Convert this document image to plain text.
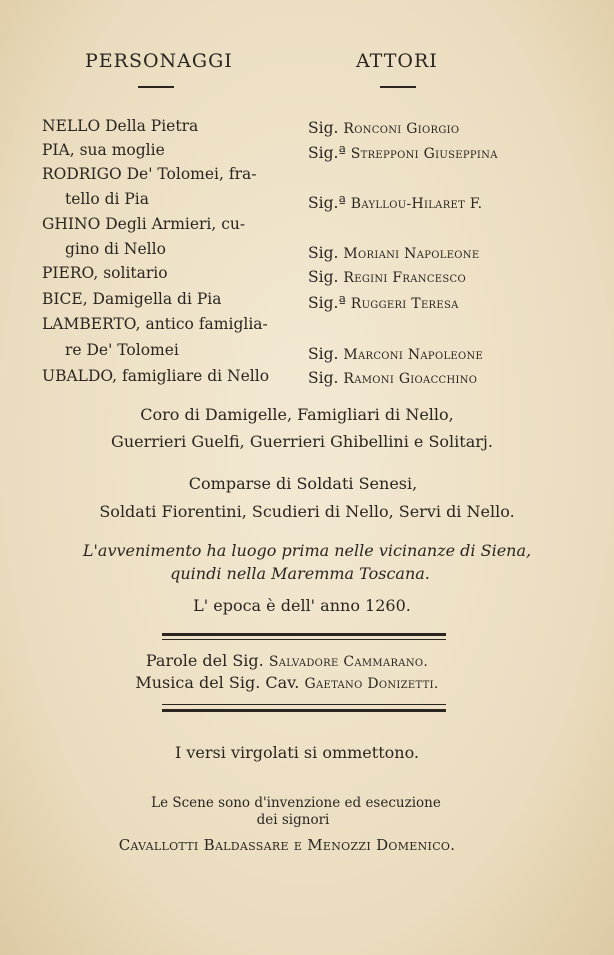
PERSONAGGI	ATTORI
NELLO Della Pietra	Sig. Ronconi Giorgio
PIA, sua moglie	Sig.ª Strepponi Giuseppina
RODRIGO De' Tolomei, fra-
tello di Pia	Sig.ª Bayllou-Hilaret F.
GHINO Degli Armieri, cu-
gino di Nello	Sig. Moriani Napoleone
PIERO, solitario	Sig. Regini Francesco
BICE, Damigella di Pia	Sig.ª Ruggeri Teresa
LAMBERTO, antico famiglia-
re De' Tolomei	Sig. Marconi Napoleone
UBALDO, famigliare di Nello	Sig. Ramoni Gioacchino
Coro di Damigelle, Famigliari di Nello,
Guerrieri Guelfi, Guerrieri Ghibellini e Solitarj.
Comparse di Soldati Senesi,
Soldati Fiorentini, Scudieri di Nello, Servi di Nello.
L'avvenimento ha luogo prima nelle vicinanze di Siena,
quindi nella Maremma Toscana.
L' epoca è dell' anno 1260.
Parole del Sig. Salvadore Cammarano.
Musica del Sig. Cav. Gaetano Donizetti.
I versi virgolati si ommettono.
Le Scene sono d'invenzione ed esecuzione
dei signori
Cavallotti Baldassare e Menozzi Domenico.
